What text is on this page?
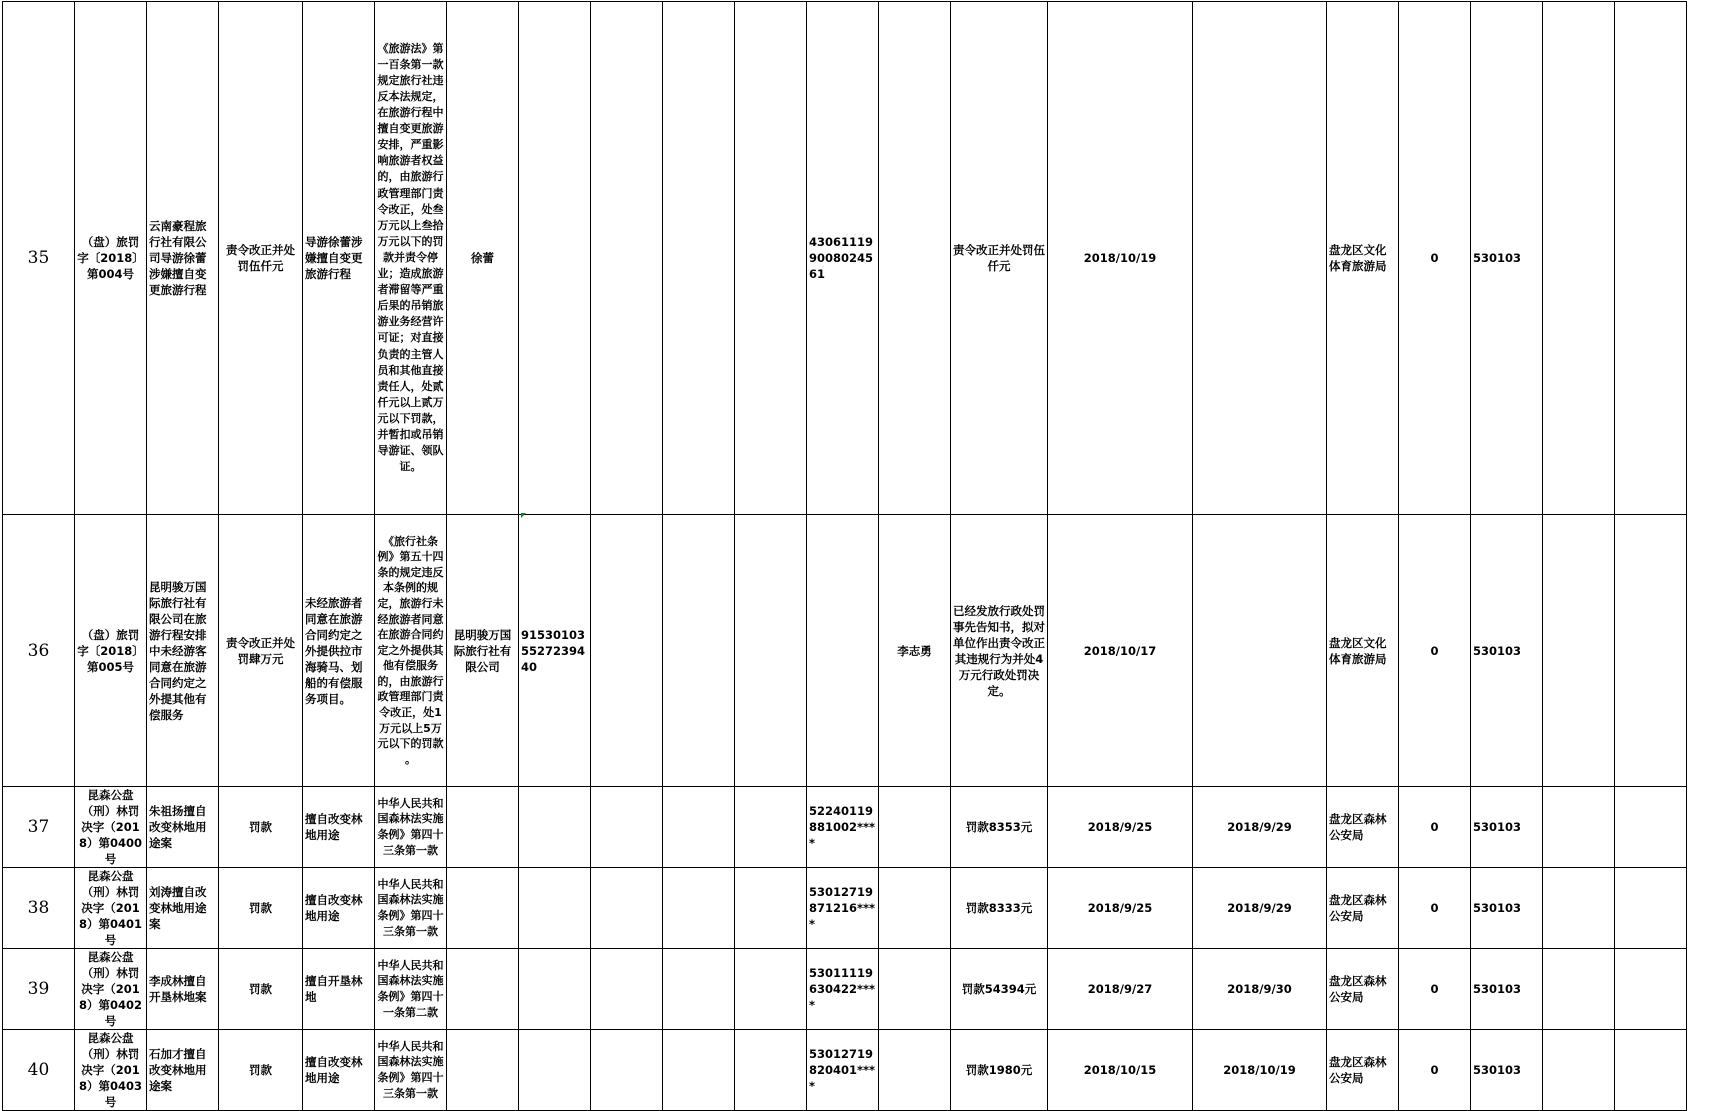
35	（盘）旅罚字〔2018〕第004号	云南豪程旅行社有限公司导游徐蕾涉嫌擅自变更旅游行程	责令改正并处罚伍仟元	导游徐蕾涉嫌擅自变更旅游行程	《旅游法》第一百条第一款规定旅行社违反本法规定，在旅游行程中擅自变更旅游安排，严重影响旅游者权益的，由旅游行政管理部门责令改正，处叁万元以上叁拾万元以下的罚款并责令停业；造成旅游者滞留等严重后果的吊销旅游业务经营许可证；对直接负责的主管人员和其他直接责任人，处贰仟元以上贰万元以下罚款，并暂扣或吊销导游证、领队证。	徐蕾					430611199008024561		责令改正并处罚伍仟元	2018/10/19		盘龙区文化体育旅游局	0	530103		
36	（盘）旅罚字〔2018〕第005号	昆明骏万国际旅行社有限公司在旅游行程安排中未经游客同意在旅游合同约定之外提其他有偿服务	责令改正并处罚肆万元	未经旅游者同意在旅游合同约定之外提供拉市海骑马、划船的有偿服务项目。	《旅行社条例》第五十四条的规定违反本条例的规定，旅游行未经旅游者同意在旅游合同约定之外提供其他有偿服务的，由旅游行政管理部门责令改正，处1万元以上5万元以下的罚款 。	昆明骏万国际旅行社有限公司	915301035527239440					李志勇	已经发放行政处罚事先告知书，拟对单位作出责令改正其违规行为并处4万元行政处罚决定。	2018/10/17		盘龙区文化体育旅游局	0	530103		
37	昆森公盘（刑）林罚决字（2018）第0400号	朱祖扬擅自改变林地用途案	罚款	擅自改变林地用途	中华人民共和国森林法实施条例》第四十三条第一款						52240119881002****		罚款8353元	2018/9/25	2018/9/29	盘龙区森林公安局	0	530103		
38	昆森公盘（刑）林罚决字（2018）第0401号	刘涛擅自改变林地用途案	罚款	擅自改变林地用途	中华人民共和国森林法实施条例》第四十三条第一款						53012719871216****		罚款8333元	2018/9/25	2018/9/29	盘龙区森林公安局	0	530103		
39	昆森公盘（刑）林罚决字（2018）第0402号	李成林擅自开垦林地案	罚款	擅自开垦林地	中华人民共和国森林法实施条例》第四十一条第二款						53011119630422****		罚款54394元	2018/9/27	2018/9/30	盘龙区森林公安局	0	530103		
40	昆森公盘（刑）林罚决字（2018）第0403号	石加才擅自改变林地用途案	罚款	擅自改变林地用途	中华人民共和国森林法实施条例》第四十三条第一款						53012719820401****		罚款1980元	2018/10/15	2018/10/19	盘龙区森林公安局	0	530103		
